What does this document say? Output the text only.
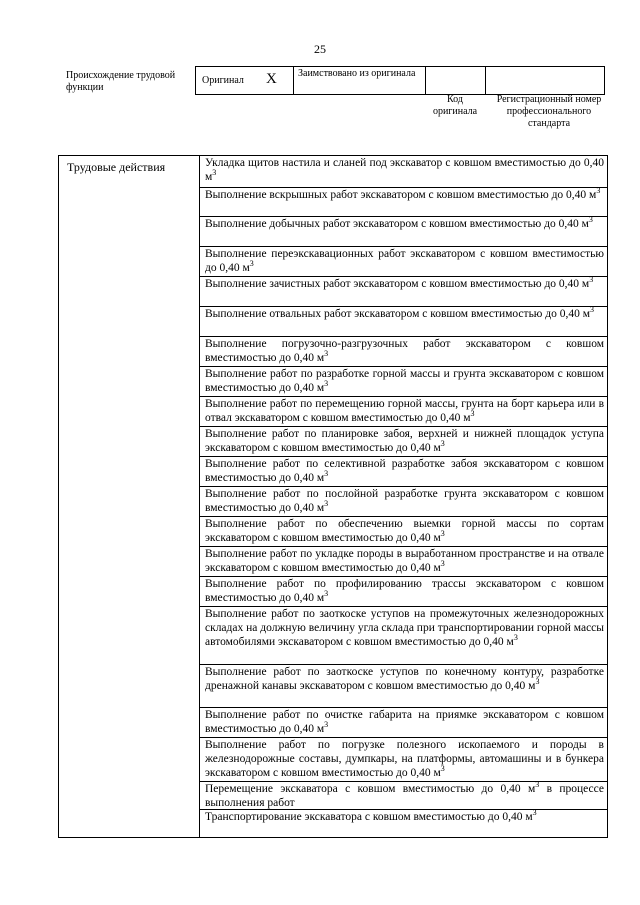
25
Происхождение трудовой функции
Оригинал X Заимствовано из оригинала
Код оригинала
Регистрационный номер профессионального стандарта
Трудовые действия	Укладка щитов настила и сланей под экскаватор с ковшом вместимостью до 0,40 $м^3$
Выполнение вскрышных работ экскаватором с ковшом вместимостью до 0,40 $м^3$
Выполнение добычных работ экскаватором с ковшом вместимостью до 0,40 $м^3$
Выполнение переэкскавационных работ экскаватором с ковшом вместимостью до 0,40 $м^3$
Выполнение зачистных работ экскаватором с ковшом вместимостью до 0,40 $м^3$
Выполнение отвальных работ экскаватором с ковшом вместимостью до 0,40 $м^3$
Выполнение погрузочно-разгрузочных работ экскаватором с ковшом вместимостью до 0,40 $м^3$
Выполнение работ по разработке горной массы и грунта экскаватором с ковшом вместимостью до 0,40 $м^3$
Выполнение работ по перемещению горной массы, грунта на борт карьера или в отвал экскаватором с ковшом вместимостью до 0,40 $м^3$
Выполнение работ по планировке забоя, верхней и нижней площадок уступа экскаватором с ковшом вместимостью до 0,40 $м^3$
Выполнение работ по селективной разработке забоя экскаватором с ковшом вместимостью до 0,40 $м^3$
Выполнение работ по послойной разработке грунта экскаватором с ковшом вместимостью до 0,40 $м^3$
Выполнение работ по обеспечению выемки горной массы по сортам экскаватором с ковшом вместимостью до 0,40 $м^3$
Выполнение работ по укладке породы в выработанном пространстве и на отвале экскаватором с ковшом вместимостью до 0,40 $м^3$
Выполнение работ по профилированию трассы экскаватором с ковшом вместимостью до 0,40 $м^3$
Выполнение работ по заоткоске уступов на промежуточных железнодорожных складах на должную величину угла склада при транспортировании горной массы автомобилями экскаватором с ковшом вместимостью до 0,40 $м^3$
Выполнение работ по заоткоске уступов по конечному контуру, разработке дренажной канавы экскаватором с ковшом вместимостью до 0,40 $м^3$
Выполнение работ по очистке габарита на приямке экскаватором с ковшом вместимостью до 0,40 $м^3$
Выполнение работ по погрузке полезного ископаемого и породы в железнодорожные составы, думпкары, на платформы, автомашины и в бункера экскаватором с ковшом вместимостью до 0,40 $м^3$
Перемещение экскаватора с ковшом вместимостью до 0,40 $м^3$ в процессе выполнения работ
Транспортирование экскаватора с ковшом вместимостью до 0,40 $м^3$
